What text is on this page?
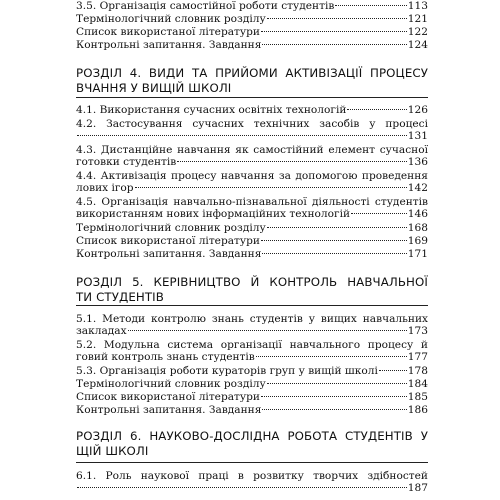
3.5. Організація самостійної роботи студентів	113
Термінологічний словник розділу	121
Список використаної літератури	122
Контрольні запитання. Завдання	124
РОЗДІЛ 4. ВИДИ ТА ПРИЙОМИ АКТИВІЗАЦІЇ ПРОЦЕСУ
ВЧАННЯ У ВИЩІЙ ШКОЛІ
4.1. Використання сучасних освітніх технологій	126
4.2. Застосування сучасних технічних засобів у процесі
131
4.3. Дистанційне навчання як самостійний елемент сучасної
готовки студентів	136
4.4. Активізація процесу навчання за допомогою проведення
лових ігор	142
4.5. Організація навчально-пізнавальної діяльності студентів
використанням нових інформаційних технологій	146
Термінологічний словник розділу	168
Список використаної літератури	169
Контрольні запитання. Завдання	171
РОЗДІЛ 5. КЕРІВНИЦТВО Й КОНТРОЛЬ НАВЧАЛЬНОЇ
ТИ СТУДЕНТІВ
5.1. Методи контролю знань студентів у вищих навчальних
закладах	173
5.2. Модульна система організації навчального процесу й
говий контроль знань студентів	177
5.3. Організація роботи кураторів груп у вищій школі	178
Термінологічний словник розділу	184
Список використаної літератури	185
Контрольні запитання. Завдання	186
РОЗДІЛ 6. НАУКОВО-ДОСЛІДНА РОБОТА СТУДЕНТІВ У
ЩІЙ ШКОЛІ
6.1. Роль наукової праці в розвитку творчих здібностей
187
